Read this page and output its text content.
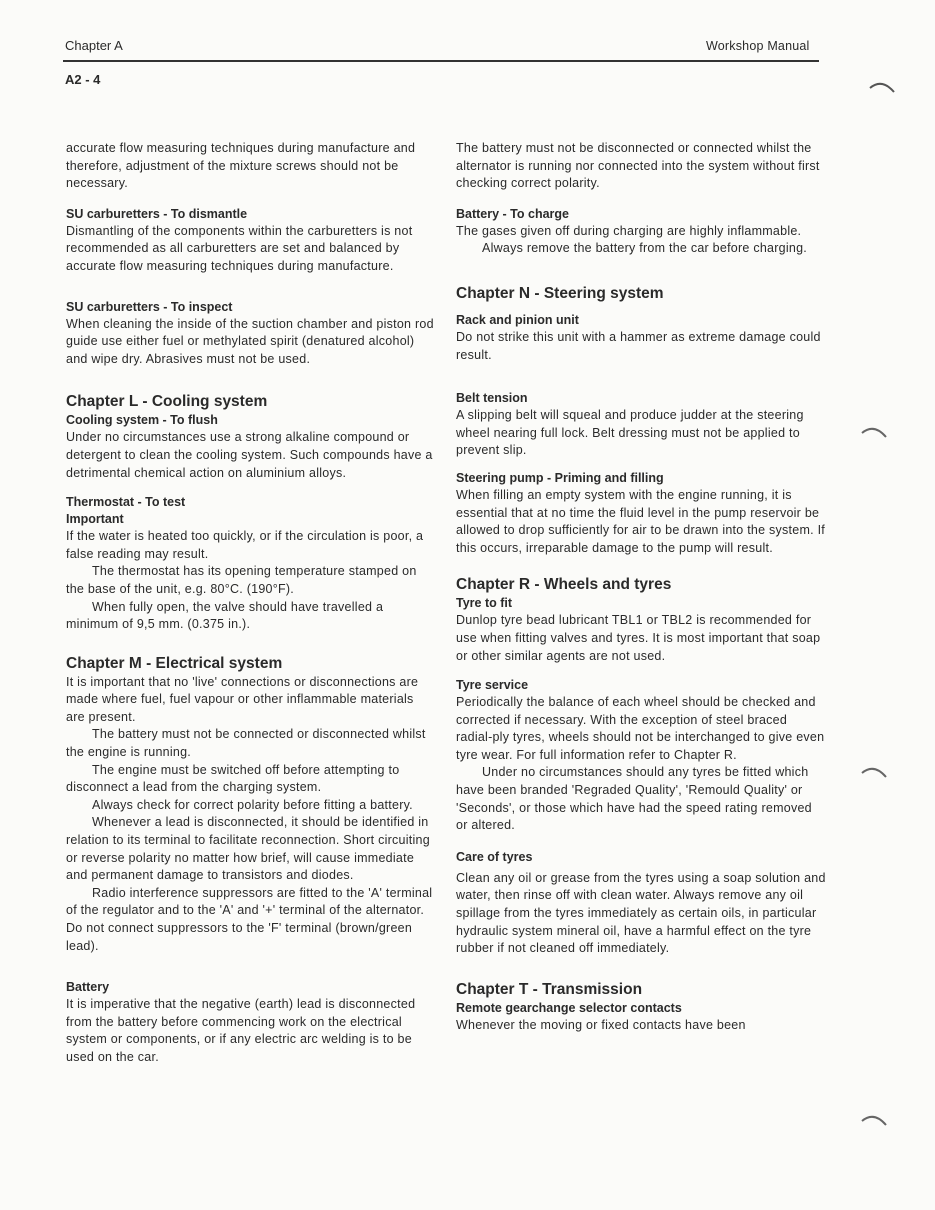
Chapter A	Workshop Manual
A2 - 4

accurate flow measuring techniques during manufacture and therefore, adjustment of the mixture screws should not be necessary.

SU carburetters - To dismantle

Dismantling of the components within the carburetters is not recommended as all carburetters are set and balanced by accurate flow measuring techniques during manufacture.

SU carburetters - To inspect

When cleaning the inside of the suction chamber and piston rod guide use either fuel or methylated spirit (denatured alcohol) and wipe dry. Abrasives must not be used.

Chapter L - Cooling system

Cooling system - To flush

Under no circumstances use a strong alkaline compound or detergent to clean the cooling system. Such compounds have a detrimental chemical action on aluminium alloys.

Thermostat - To test

Important

If the water is heated too quickly, or if the circulation is poor, a false reading may result.

The thermostat has its opening temperature stamped on the base of the unit, e.g. 80°C. (190°F).

When fully open, the valve should have travelled a minimum of 9,5 mm. (0.375 in.).

Chapter M - Electrical system

It is important that no 'live' connections or disconnections are made where fuel, fuel vapour or other inflammable materials are present.

The battery must not be connected or disconnected whilst the engine is running.

The engine must be switched off before attempting to disconnect a lead from the charging system.

Always check for correct polarity before fitting a battery.

Whenever a lead is disconnected, it should be identified in relation to its terminal to facilitate reconnection. Short circuiting or reverse polarity no matter how brief, will cause immediate and permanent damage to transistors and diodes.

Radio interference suppressors are fitted to the 'A' terminal of the regulator and to the 'A' and '+' terminal of the alternator. Do not connect suppressors to the 'F' terminal (brown/green lead).

Battery

It is imperative that the negative (earth) lead is disconnected from the battery before commencing work on the electrical system or components, or if any electric arc welding is to be used on the car.

The battery must not be disconnected or connected whilst the alternator is running nor connected into the system without first checking correct polarity.

Battery - To charge

The gases given off during charging are highly inflammable.

Always remove the battery from the car before charging.

Chapter N - Steering system

Rack and pinion unit

Do not strike this unit with a hammer as extreme damage could result.

Belt tension

A slipping belt will squeal and produce judder at the steering wheel nearing full lock. Belt dressing must not be applied to prevent slip.

Steering pump - Priming and filling

When filling an empty system with the engine running, it is essential that at no time the fluid level in the pump reservoir be allowed to drop sufficiently for air to be drawn into the system. If this occurs, irreparable damage to the pump will result.

Chapter R - Wheels and tyres

Tyre to fit

Dunlop tyre bead lubricant TBL1 or TBL2 is recommended for use when fitting valves and tyres. It is most important that soap or other similar agents are not used.

Tyre service

Periodically the balance of each wheel should be checked and corrected if necessary. With the exception of steel braced radial-ply tyres, wheels should not be interchanged to give even tyre wear. For full information refer to Chapter R.

Under no circumstances should any tyres be fitted which have been branded 'Regraded Quality', 'Remould Quality' or 'Seconds', or those which have had the speed rating removed or altered.

Care of tyres

Clean any oil or grease from the tyres using a soap solution and water, then rinse off with clean water. Always remove any oil spillage from the tyres immediately as certain oils, in particular hydraulic system mineral oil, have a harmful effect on the tyre rubber if not cleaned off immediately.

Chapter T - Transmission

Remote gearchange selector contacts

Whenever the moving or fixed contacts have been
